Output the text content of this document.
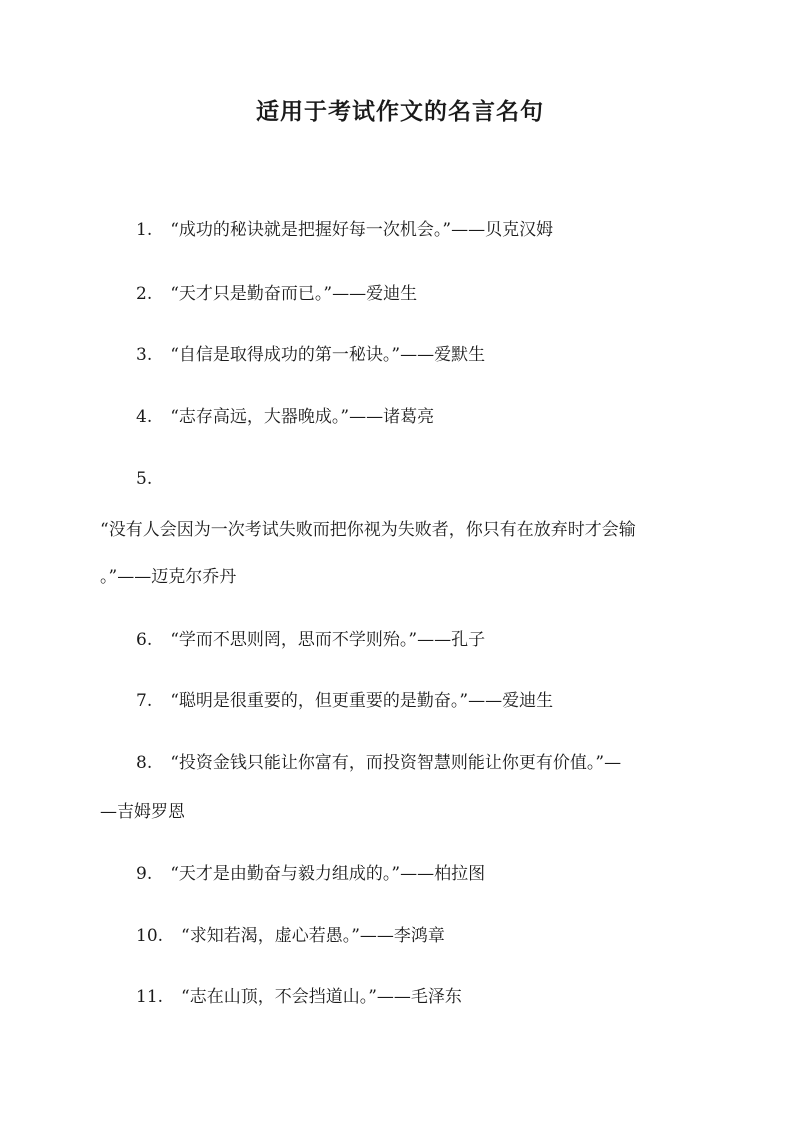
适用于考试作文的名言名句
1. “成功的秘诀就是把握好每一次机会。”——贝克汉姆
2. “天才只是勤奋而已。”——爱迪生
3. “自信是取得成功的第一秘诀。”——爱默生
4. “志存高远，大器晚成。”——诸葛亮
5.
“没有人会因为一次考试失败而把你视为失败者，你只有在放弃时才会输
。”——迈克尔乔丹
6. “学而不思则罔，思而不学则殆。”——孔子
7. “聪明是很重要的，但更重要的是勤奋。”——爱迪生
8. “投资金钱只能让你富有，而投资智慧则能让你更有价值。”—
—吉姆罗恩
9. “天才是由勤奋与毅力组成的。”——柏拉图
10. “求知若渴，虚心若愚。”——李鸿章
11. “志在山顶，不会挡道山。”——毛泽东
